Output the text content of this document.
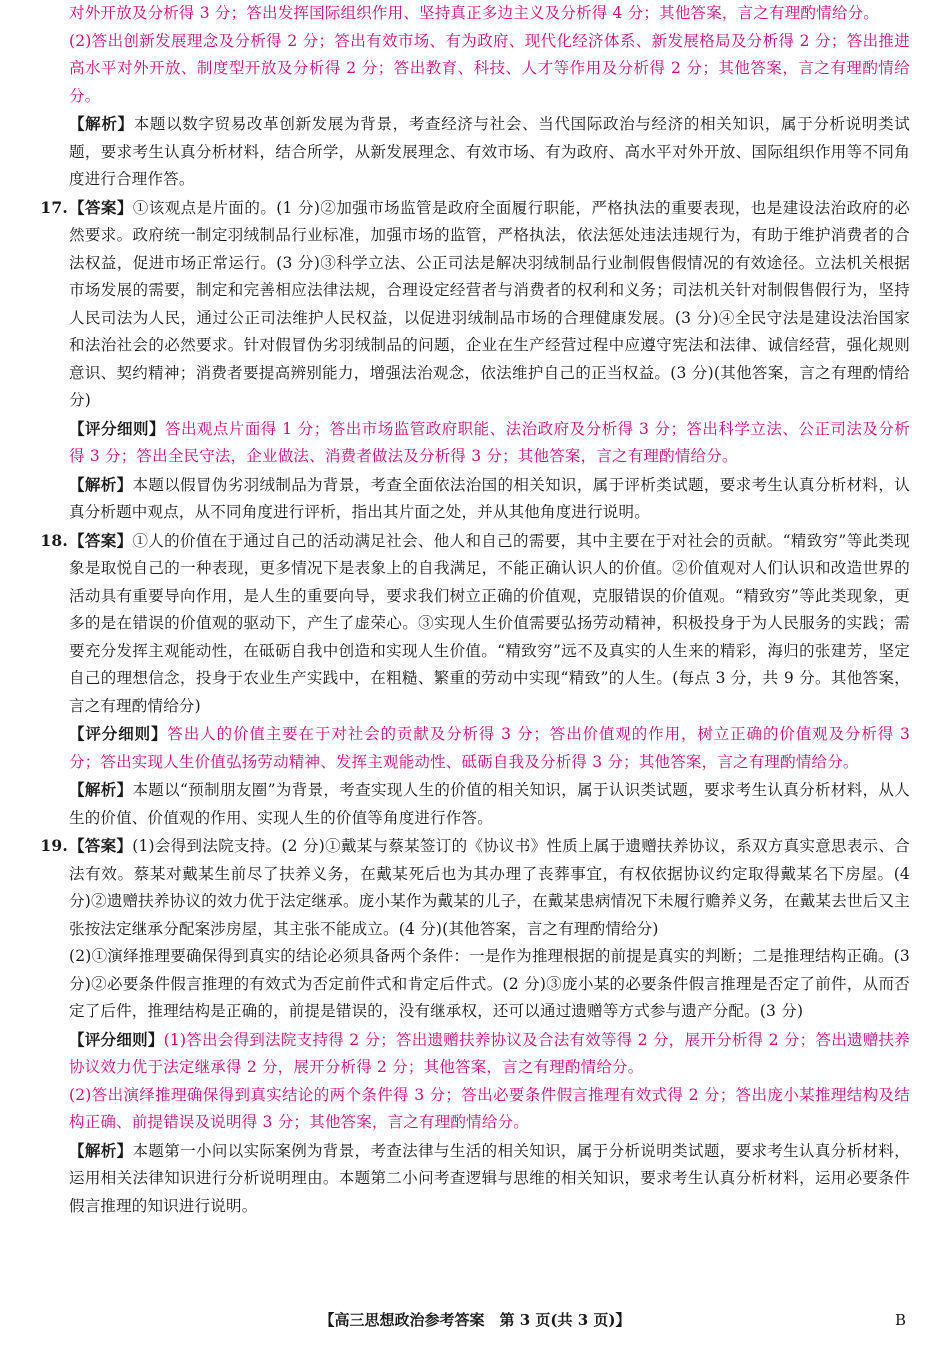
对外开放及分析得 3 分；答出发挥国际组织作用、坚持真正多边主义及分析得 4 分；其他答案，言之有理酌情给分。

(2)答出创新发展理念及分析得 2 分；答出有效市场、有为政府、现代化经济体系、新发展格局及分析得 2 分；答出推进高水平对外开放、制度型开放及分析得 2 分；答出教育、科技、人才等作用及分析得 2 分；其他答案，言之有理酌情给分。

【解析】本题以数字贸易改革创新发展为背景，考查经济与社会、当代国际政治与经济的相关知识，属于分析说明类试题，要求考生认真分析材料，结合所学，从新发展理念、有效市场、有为政府、高水平对外开放、国际组织作用等不同角度进行合理作答。

17. 【答案】①该观点是片面的。(1 分)②加强市场监管是政府全面履行职能，严格执法的重要表现，也是建设法治政府的必然要求。政府统一制定羽绒制品行业标准，加强市场的监管，严格执法，依法惩处违法违规行为，有助于维护消费者的合法权益，促进市场正常运行。(3 分)③科学立法、公正司法是解决羽绒制品行业制假售假情况的有效途径。立法机关根据市场发展的需要，制定和完善相应法律法规，合理设定经营者与消费者的权利和义务；司法机关针对制假售假行为，坚持人民司法为人民，通过公正司法维护人民权益，以促进羽绒制品市场的合理健康发展。(3 分)④全民守法是建设法治国家和法治社会的必然要求。针对假冒伪劣羽绒制品的问题，企业在生产经营过程中应遵守宪法和法律、诚信经营，强化规则意识、契约精神；消费者要提高辨别能力，增强法治观念，依法维护自己的正当权益。(3 分)(其他答案，言之有理酌情给分)

【评分细则】答出观点片面得 1 分；答出市场监管政府职能、法治政府及分析得 3 分；答出科学立法、公正司法及分析得 3 分；答出全民守法，企业做法、消费者做法及分析得 3 分；其他答案，言之有理酌情给分。

【解析】本题以假冒伪劣羽绒制品为背景，考查全面依法治国的相关知识，属于评析类试题，要求考生认真分析材料，认真分析题中观点，从不同角度进行评析，指出其片面之处，并从其他角度进行说明。

18. 【答案】①人的价值在于通过自己的活动满足社会、他人和自己的需要，其中主要在于对社会的贡献。“精致穷”等此类现象是取悦自己的一种表现，更多情况下是表象上的自我满足，不能正确认识人的价值。②价值观对人们认识和改造世界的活动具有重要导向作用，是人生的重要向导，要求我们树立正确的价值观，克服错误的价值观。“精致穷”等此类现象，更多的是在错误的价值观的驱动下，产生了虚荣心。③实现人生价值需要弘扬劳动精神，积极投身于为人民服务的实践；需要充分发挥主观能动性，在砥砺自我中创造和实现人生价值。“精致穷”远不及真实的人生来的精彩，海归的张建芳，坚定自己的理想信念，投身于农业生产实践中，在粗糙、繁重的劳动中实现“精致”的人生。(每点 3 分，共 9 分。其他答案，言之有理酌情给分)

【评分细则】答出人的价值主要在于对社会的贡献及分析得 3 分；答出价值观的作用，树立正确的价值观及分析得 3 分；答出实现人生价值弘扬劳动精神、发挥主观能动性、砥砺自我及分析得 3 分；其他答案，言之有理酌情给分。

【解析】本题以“预制朋友圈”为背景，考查实现人生的价值的相关知识，属于认识类试题，要求考生认真分析材料，从人生的价值、价值观的作用、实现人生的价值等角度进行作答。

19. 【答案】(1)会得到法院支持。(2 分)①戴某与蔡某签订的《协议书》性质上属于遗赠扶养协议，系双方真实意思表示、合法有效。蔡某对戴某生前尽了扶养义务，在戴某死后也为其办理了丧葬事宜，有权依据协议约定取得戴某名下房屋。(4 分)②遗赠扶养协议的效力优于法定继承。庞小某作为戴某的儿子，在戴某患病情况下未履行赡养义务，在戴某去世后又主张按法定继承分配案涉房屋，其主张不能成立。(4 分)(其他答案，言之有理酌情给分)

(2)①演绎推理要确保得到真实的结论必须具备两个条件：一是作为推理根据的前提是真实的判断；二是推理结构正确。(3 分)②必要条件假言推理的有效式为否定前件式和肯定后件式。(2 分)③庞小某的必要条件假言推理是否定了前件，从而否定了后件，推理结构是正确的，前提是错误的，没有继承权，还可以通过遗赠等方式参与遗产分配。(3 分)

【评分细则】(1)答出会得到法院支持得 2 分；答出遗赠扶养协议及合法有效等得 2 分，展开分析得 2 分；答出遗赠扶养协议效力优于法定继承得 2 分，展开分析得 2 分；其他答案，言之有理酌情给分。

(2)答出演绎推理确保得到真实结论的两个条件得 3 分；答出必要条件假言推理有效式得 2 分；答出庞小某推理结构及结构正确、前提错误及说明得 3 分；其他答案，言之有理酌情给分。

【解析】本题第一小问以实际案例为背景，考查法律与生活的相关知识，属于分析说明类试题，要求考生认真分析材料，运用相关法律知识进行分析说明理由。本题第二小问考查逻辑与思维的相关知识，要求考生认真分析材料，运用必要条件假言推理的知识进行说明。

【高三思想政治参考答案　第 3 页(共 3 页)】	B
